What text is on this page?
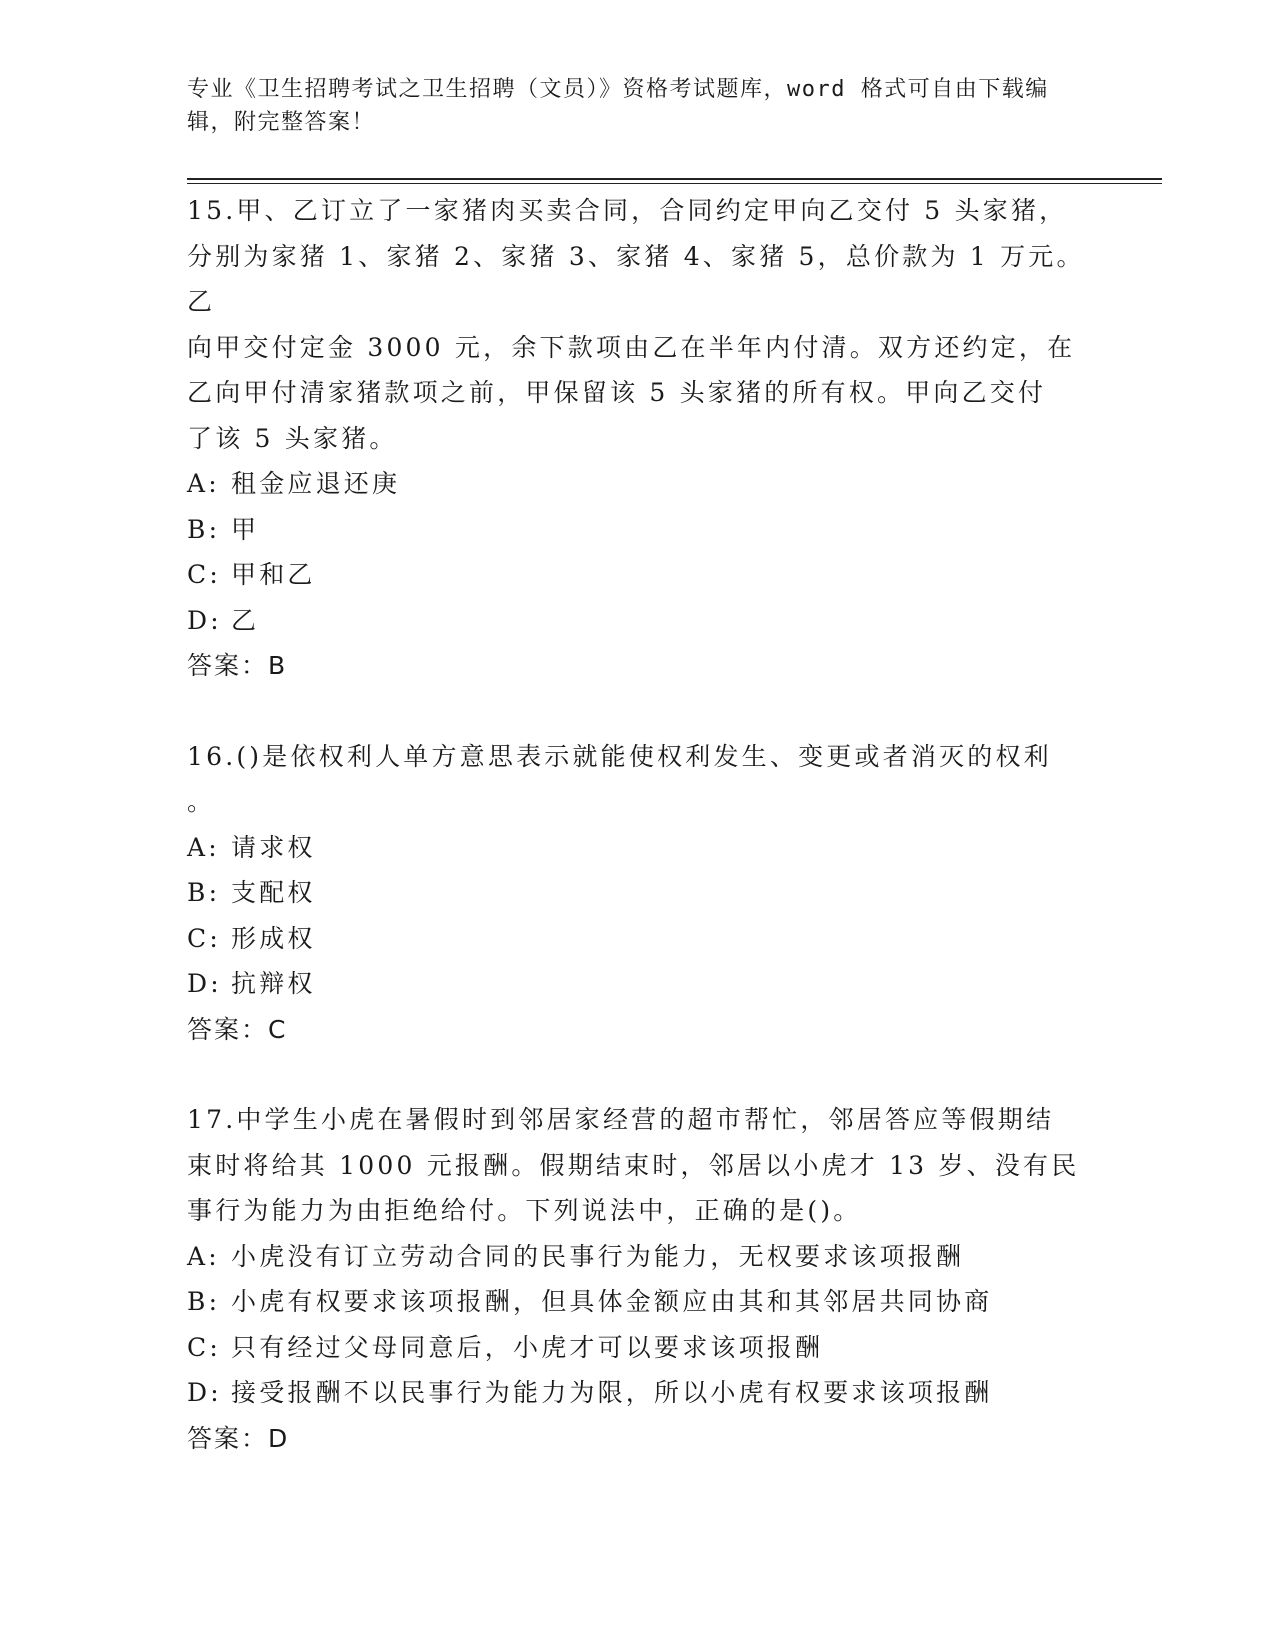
专业《卫生招聘考试之卫生招聘（文员）》资格考试题库，word 格式可自由下载编辑，附完整答案！

15.甲、乙订立了一家猪肉买卖合同，合同约定甲向乙交付 5 头家猪，

分别为家猪 1、家猪 2、家猪 3、家猪 4、家猪 5，总价款为 1 万元。乙

向甲交付定金 3000 元，余下款项由乙在半年内付清。双方还约定，在

乙向甲付清家猪款项之前，甲保留该 5 头家猪的所有权。甲向乙交付

了该 5 头家猪。

A: 租金应退还庚

B: 甲

C: 甲和乙

D: 乙

答案：B

16.()是依权利人单方意思表示就能使权利发生、变更或者消灭的权利

。

A: 请求权

B: 支配权

C: 形成权

D: 抗辩权

答案：C

17.中学生小虎在暑假时到邻居家经营的超市帮忙，邻居答应等假期结

束时将给其 1000 元报酬。假期结束时，邻居以小虎才 13 岁、没有民

事行为能力为由拒绝给付。下列说法中，正确的是()。

A: 小虎没有订立劳动合同的民事行为能力，无权要求该项报酬

B: 小虎有权要求该项报酬，但具体金额应由其和其邻居共同协商

C: 只有经过父母同意后，小虎才可以要求该项报酬

D: 接受报酬不以民事行为能力为限，所以小虎有权要求该项报酬

答案：D
